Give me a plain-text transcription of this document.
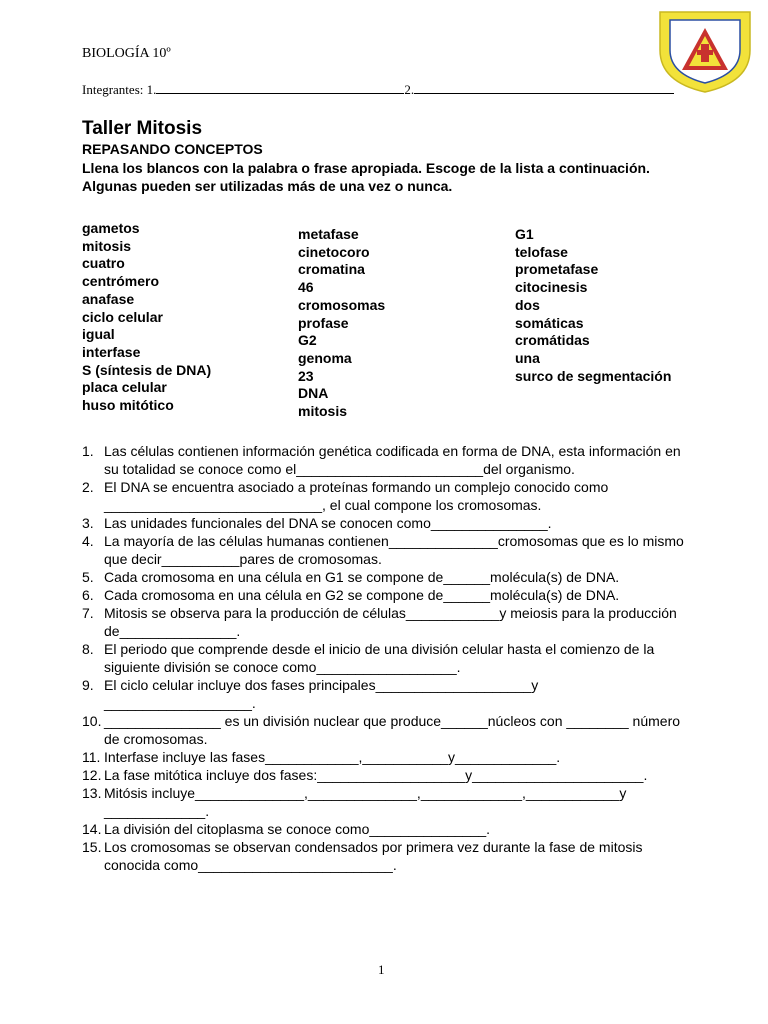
BIOLOGÍA 10º
Integrantes: 1.	2.
Taller Mitosis
REPASANDO CONCEPTOS
Llena los blancos con la palabra o frase apropiada. Escoge de la lista a continuación. Algunas pueden ser utilizadas más de una vez o nunca.
gametos
mitosis
cuatro
centrómero
anafase
ciclo celular
igual
interfase
S (síntesis de DNA)
placa celular
huso mitótico
metafase
cinetocoro
cromatina
46
cromosomas
profase
G2
genoma
23
DNA
mitosis
G1
telofase
prometafase
citocinesis
dos
somáticas
cromátidas
una
surco de segmentación
1. Las células contienen información genética codificada en forma de DNA, esta información en su totalidad se conoce como el________________________del organismo.
2. El DNA se encuentra asociado a proteínas formando un complejo conocido como ____________________________, el cual compone los cromosomas.
3. Las unidades funcionales del DNA se conocen como_______________.
4. La mayoría de las células humanas contienen______________cromosomas que es lo mismo que decir__________pares de cromosomas.
5. Cada cromosoma en una célula en G1 se compone de______molécula(s) de DNA.
6. Cada cromosoma en una célula en G2 se compone de______molécula(s) de DNA.
7. Mitosis se observa para la producción de células____________y meiosis para la producción de_______________.
8. El periodo que comprende desde el inicio de una división celular hasta el comienzo de la siguiente división se conoce como__________________.
9. El ciclo celular incluye dos fases principales____________________y ___________________.
10. _______________ es un división nuclear que produce______núcleos con ________ número de cromosomas.
11. Interfase incluye las fases____________,___________y_____________.
12. La fase mitótica incluye dos fases:___________________y______________________.
13. Mitósis incluye______________,______________,_____________,____________y _____________.
14. La división del citoplasma se conoce como_______________.
15. Los cromosomas se observan condensados por primera vez durante la fase de mitosis conocida como_________________________.
1
